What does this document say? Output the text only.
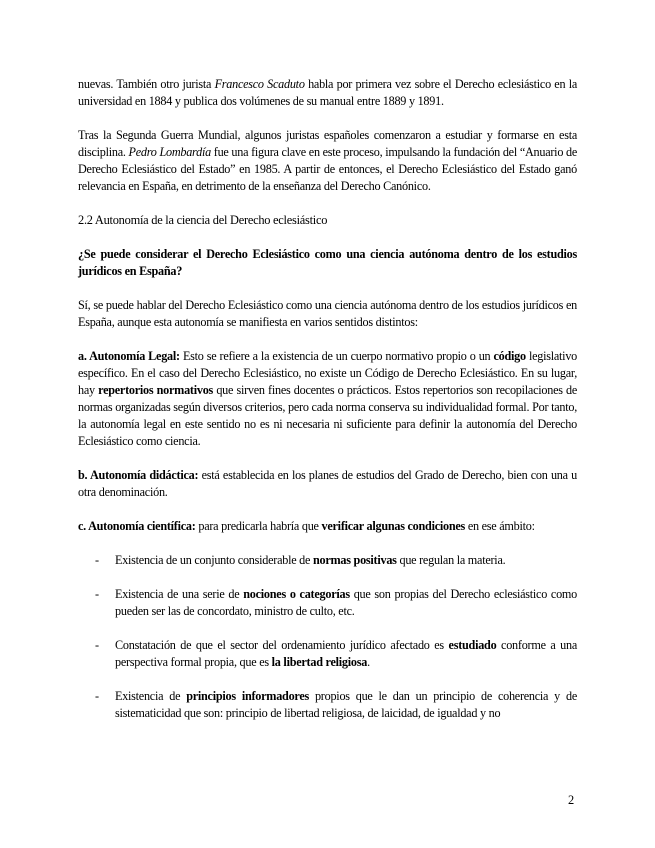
nuevas. También otro jurista Francesco Scaduto habla por primera vez sobre el Derecho eclesiástico en la universidad en 1884 y publica dos volúmenes de su manual entre 1889 y 1891.

Tras la Segunda Guerra Mundial, algunos juristas españoles comenzaron a estudiar y formarse en esta disciplina. Pedro Lombardía fue una figura clave en este proceso, impulsando la fundación del “Anuario de Derecho Eclesiástico del Estado” en 1985. A partir de entonces, el Derecho Eclesiástico del Estado ganó relevancia en España, en detrimento de la enseñanza del Derecho Canónico.

2.2 Autonomía de la ciencia del Derecho eclesiástico

¿Se puede considerar el Derecho Eclesiástico como una ciencia autónoma dentro de los estudios jurídicos en España?

Sí, se puede hablar del Derecho Eclesiástico como una ciencia autónoma dentro de los estudios jurídicos en España, aunque esta autonomía se manifiesta en varios sentidos distintos:

a. Autonomía Legal: Esto se refiere a la existencia de un cuerpo normativo propio o un código legislativo específico. En el caso del Derecho Eclesiástico, no existe un Código de Derecho Eclesiástico. En su lugar, hay repertorios normativos que sirven fines docentes o prácticos. Estos repertorios son recopilaciones de normas organizadas según diversos criterios, pero cada norma conserva su individualidad formal. Por tanto, la autonomía legal en este sentido no es ni necesaria ni suficiente para definir la autonomía del Derecho Eclesiástico como ciencia.

b. Autonomía didáctica: está establecida en los planes de estudios del Grado de Derecho, bien con una u otra denominación.

c. Autonomía científica: para predicarla habría que verificar algunas condiciones en ese ámbito:

- Existencia de un conjunto considerable de normas positivas que regulan la materia.
- Existencia de una serie de nociones o categorías que son propias del Derecho eclesiástico como pueden ser las de concordato, ministro de culto, etc.
- Constatación de que el sector del ordenamiento jurídico afectado es estudiado conforme a una perspectiva formal propia, que es la libertad religiosa.
- Existencia de principios informadores propios que le dan un principio de coherencia y de sistematicidad que son: principio de libertad religiosa, de laicidad, de igualdad y no
2
